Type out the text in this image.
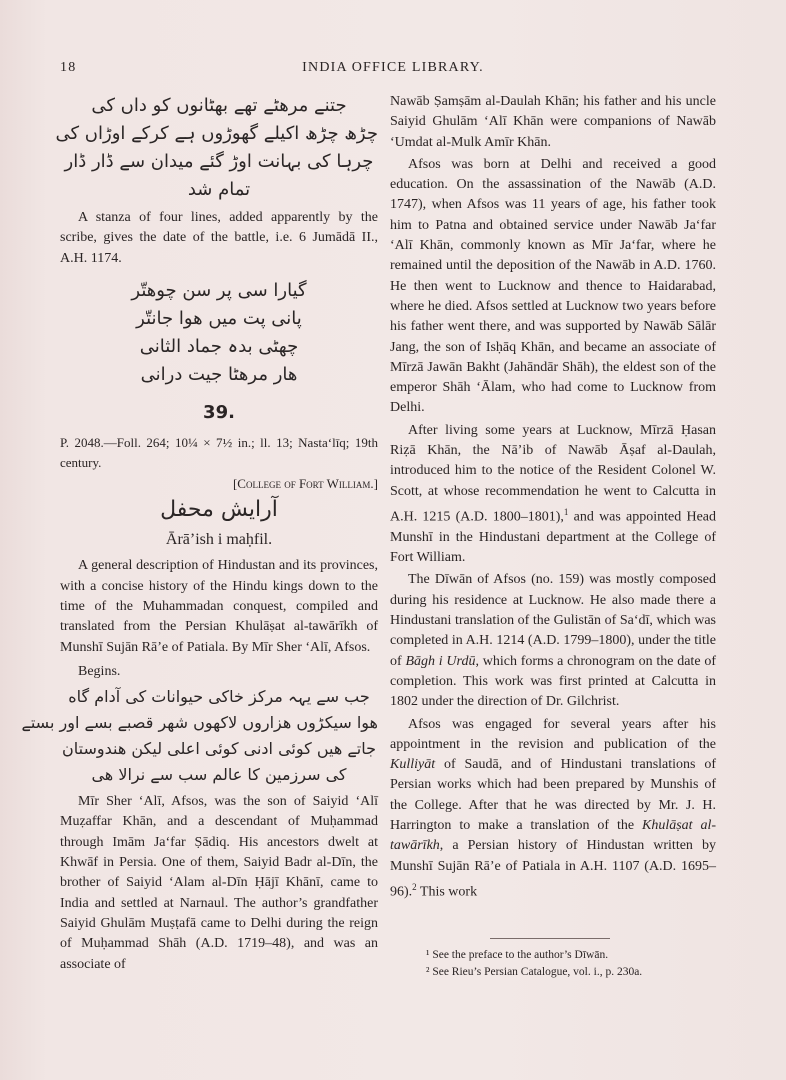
18	INDIA OFFICE LIBRARY.
جتنے مرهٹے تھے بهٹانوں کو داں کی
چڑھ چڑھ اکیلے گھوڑوں ہے کرکے اوڑاں کی
چرہا کی بہانت اوڑ گئے میدان سے ڈار ڈار
تمام شد

A stanza of four lines, added apparently by the scribe, gives the date of the battle, i.e. 6 Jumādā II., A.H. 1174.

گیارا سی پر سن چوهتّر
پانی پت میں هوا جانتّر
چھٹی بدہ جماد الثانی
هار مرهٹا جیت درانی
39.

P. 2048.—Foll. 264; 10¼ × 7½ in.; ll. 13; Nasta‘līq; 19th century.

[College of Fort William.]

آرایش محفل
Ārā’ish i maḥfil.

A general description of Hindustan and its provinces, with a concise history of the Hindu kings down to the time of the Muhammadan conquest, compiled and translated from the Persian Khulāṣat al-tawārīkh of Munshī Sujān Rā’e of Patiala. By Mīr Sher ‘Alī, Afsos.

Begins.

جب سے یہہ مرکز خاکی حیوانات کی آدام گاه
هوا سیکڑوں هزاروں لاکهوں شهر قصبے بسے اور بستے
جاتے هیں کوئی ادنی کوئی اعلی لیکن هندوستان
کی سرزمین کا عالم سب سے نرالا هی

Mīr Sher ‘Alī, Afsos, was the son of Saiyid ‘Alī Muẓaffar Khān, and a descendant of Muḥammad through Imām Ja‘far Ṣādiq. His ancestors dwelt at Khwāf in Persia. One of them, Saiyid Badr al-Dīn, the brother of Saiyid ‘Alam al-Dīn Ḥājī Khānī, came to India and settled at Narnaul. The author’s grandfather Saiyid Ghulām Muṣṭafā came to Delhi during the reign of Muḥammad Shāh (A.D. 1719–48), and was an associate of

Nawāb Ṣamṣām al-Daulah Khān; his father and his uncle Saiyid Ghulām ‘Alī Khān were companions of Nawāb ‘Umdat al-Mulk Amīr Khān.

Afsos was born at Delhi and received a good education. On the assassination of the Nawāb (A.D. 1747), when Afsos was 11 years of age, his father took him to Patna and obtained service under Nawāb Ja‘far ‘Alī Khān, commonly known as Mīr Ja‘far, where he remained until the deposition of the Nawāb in A.D. 1760. He then went to Lucknow and thence to Haidarabad, where he died. Afsos settled at Lucknow two years before his father went there, and was supported by Nawāb Sālār Jang, the son of Isḥāq Khān, and became an associate of Mīrzā Jawān Bakht (Jahāndār Shāh), the eldest son of the emperor Shāh ‘Ālam, who had come to Lucknow from Delhi.

After living some years at Lucknow, Mīrzā Ḥasan Riẓā Khān, the Nā’ib of Nawāb Āṣaf al-Daulah, introduced him to the notice of the Resident Colonel W. Scott, at whose recommendation he went to Calcutta in A.H. 1215 (A.D. 1800–1801),$^1$ and was appointed Head Munshī in the Hindustani department at the College of Fort William.

The Dīwān of Afsos (no. 159) was mostly composed during his residence at Lucknow. He also made there a Hindustani translation of the Gulistān of Sa‘dī, which was completed in A.H. 1214 (A.D. 1799–1800), under the title of Bāgh i Urdū, which forms a chronogram on the date of completion. This work was first printed at Calcutta in 1802 under the direction of Dr. Gilchrist.

Afsos was engaged for several years after his appointment in the revision and publication of the Kulliyāt of Saudā, and of Hindustani translations of Persian works which had been prepared by Munshis of the College. After that he was directed by Mr. J. H. Harrington to make a translation of the Khulāṣat al-tawārīkh, a Persian history of Hindustan written by Munshī Sujān Rā’e of Patiala in A.H. 1107 (A.D. 1695–96).$^2$ This work

¹ See the preface to the author’s Dīwān.
² See Rieu’s Persian Catalogue, vol. i., p. 230a.
